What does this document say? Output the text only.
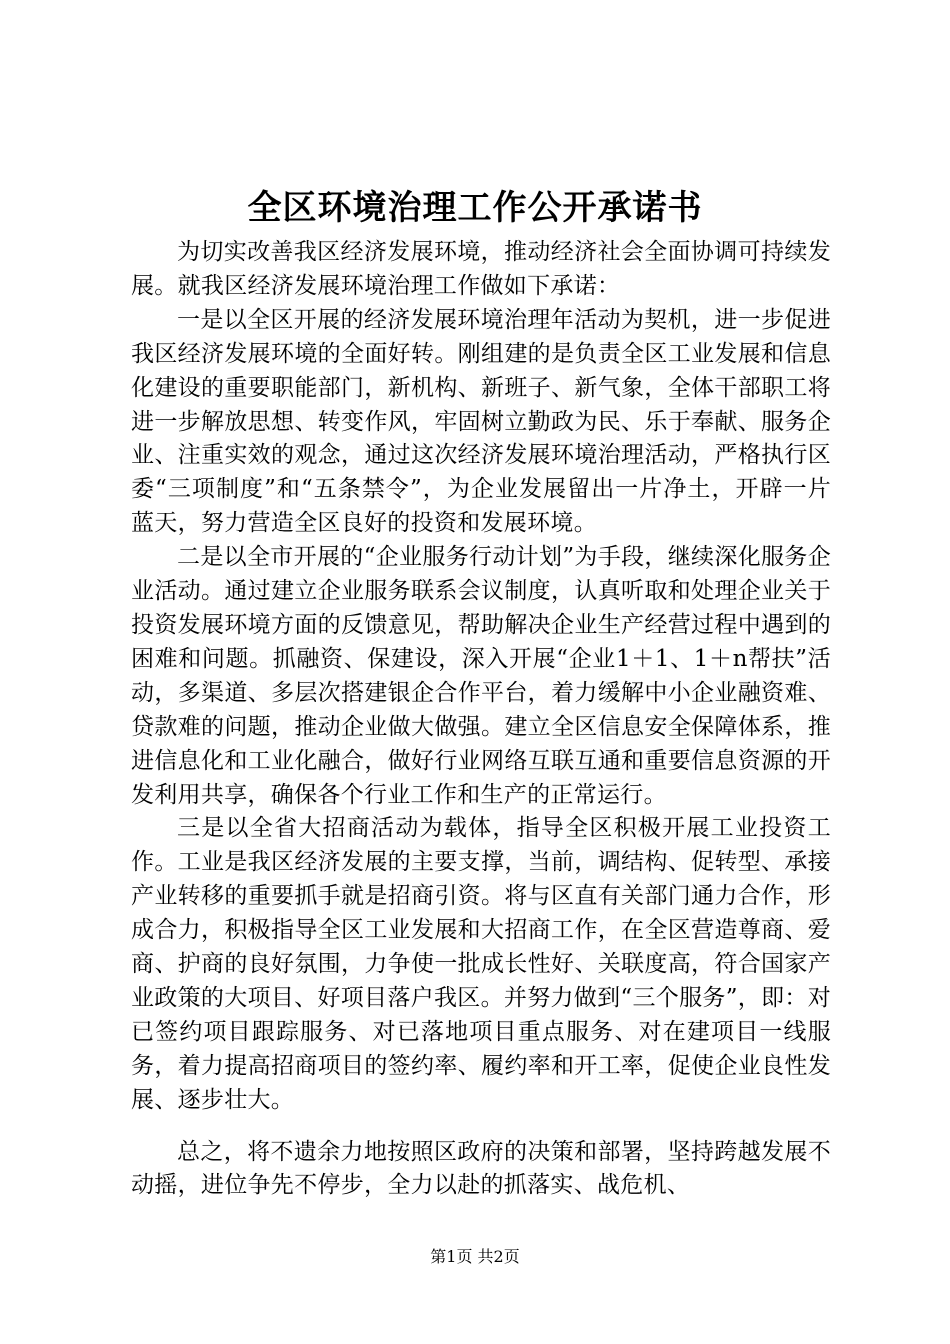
全区环境治理工作公开承诺书

为切实改善我区经济发展环境，推动经济社会全面协调可持续发展。就我区经济发展环境治理工作做如下承诺：

一是以全区开展的经济发展环境治理年活动为契机，进一步促进我区经济发展环境的全面好转。刚组建的是负责全区工业发展和信息化建设的重要职能部门，新机构、新班子、新气象，全体干部职工将进一步解放思想、转变作风，牢固树立勤政为民、乐于奉献、服务企业、注重实效的观念，通过这次经济发展环境治理活动，严格执行区委“三项制度”和“五条禁令”，为企业发展留出一片净土，开辟一片蓝天，努力营造全区良好的投资和发展环境。

二是以全市开展的“企业服务行动计划”为手段，继续深化服务企业活动。通过建立企业服务联系会议制度，认真听取和处理企业关于投资发展环境方面的反馈意见，帮助解决企业生产经营过程中遇到的困难和问题。抓融资、保建设，深入开展“企业1＋1、1＋n帮扶”活动，多渠道、多层次搭建银企合作平台，着力缓解中小企业融资难、贷款难的问题，推动企业做大做强。建立全区信息安全保障体系，推进信息化和工业化融合，做好行业网络互联互通和重要信息资源的开发利用共享，确保各个行业工作和生产的正常运行。

三是以全省大招商活动为载体，指导全区积极开展工业投资工作。工业是我区经济发展的主要支撑，当前，调结构、促转型、承接产业转移的重要抓手就是招商引资。将与区直有关部门通力合作，形成合力，积极指导全区工业发展和大招商工作，在全区营造尊商、爱商、护商的良好氛围，力争使一批成长性好、关联度高，符合国家产业政策的大项目、好项目落户我区。并努力做到“三个服务”，即：对已签约项目跟踪服务、对已落地项目重点服务、对在建项目一线服务，着力提高招商项目的签约率、履约率和开工率，促使企业良性发展、逐步壮大。

总之，将不遗余力地按照区政府的决策和部署，坚持跨越发展不动摇，进位争先不停步，全力以赴的抓落实、战危机、

第1页 共2页
